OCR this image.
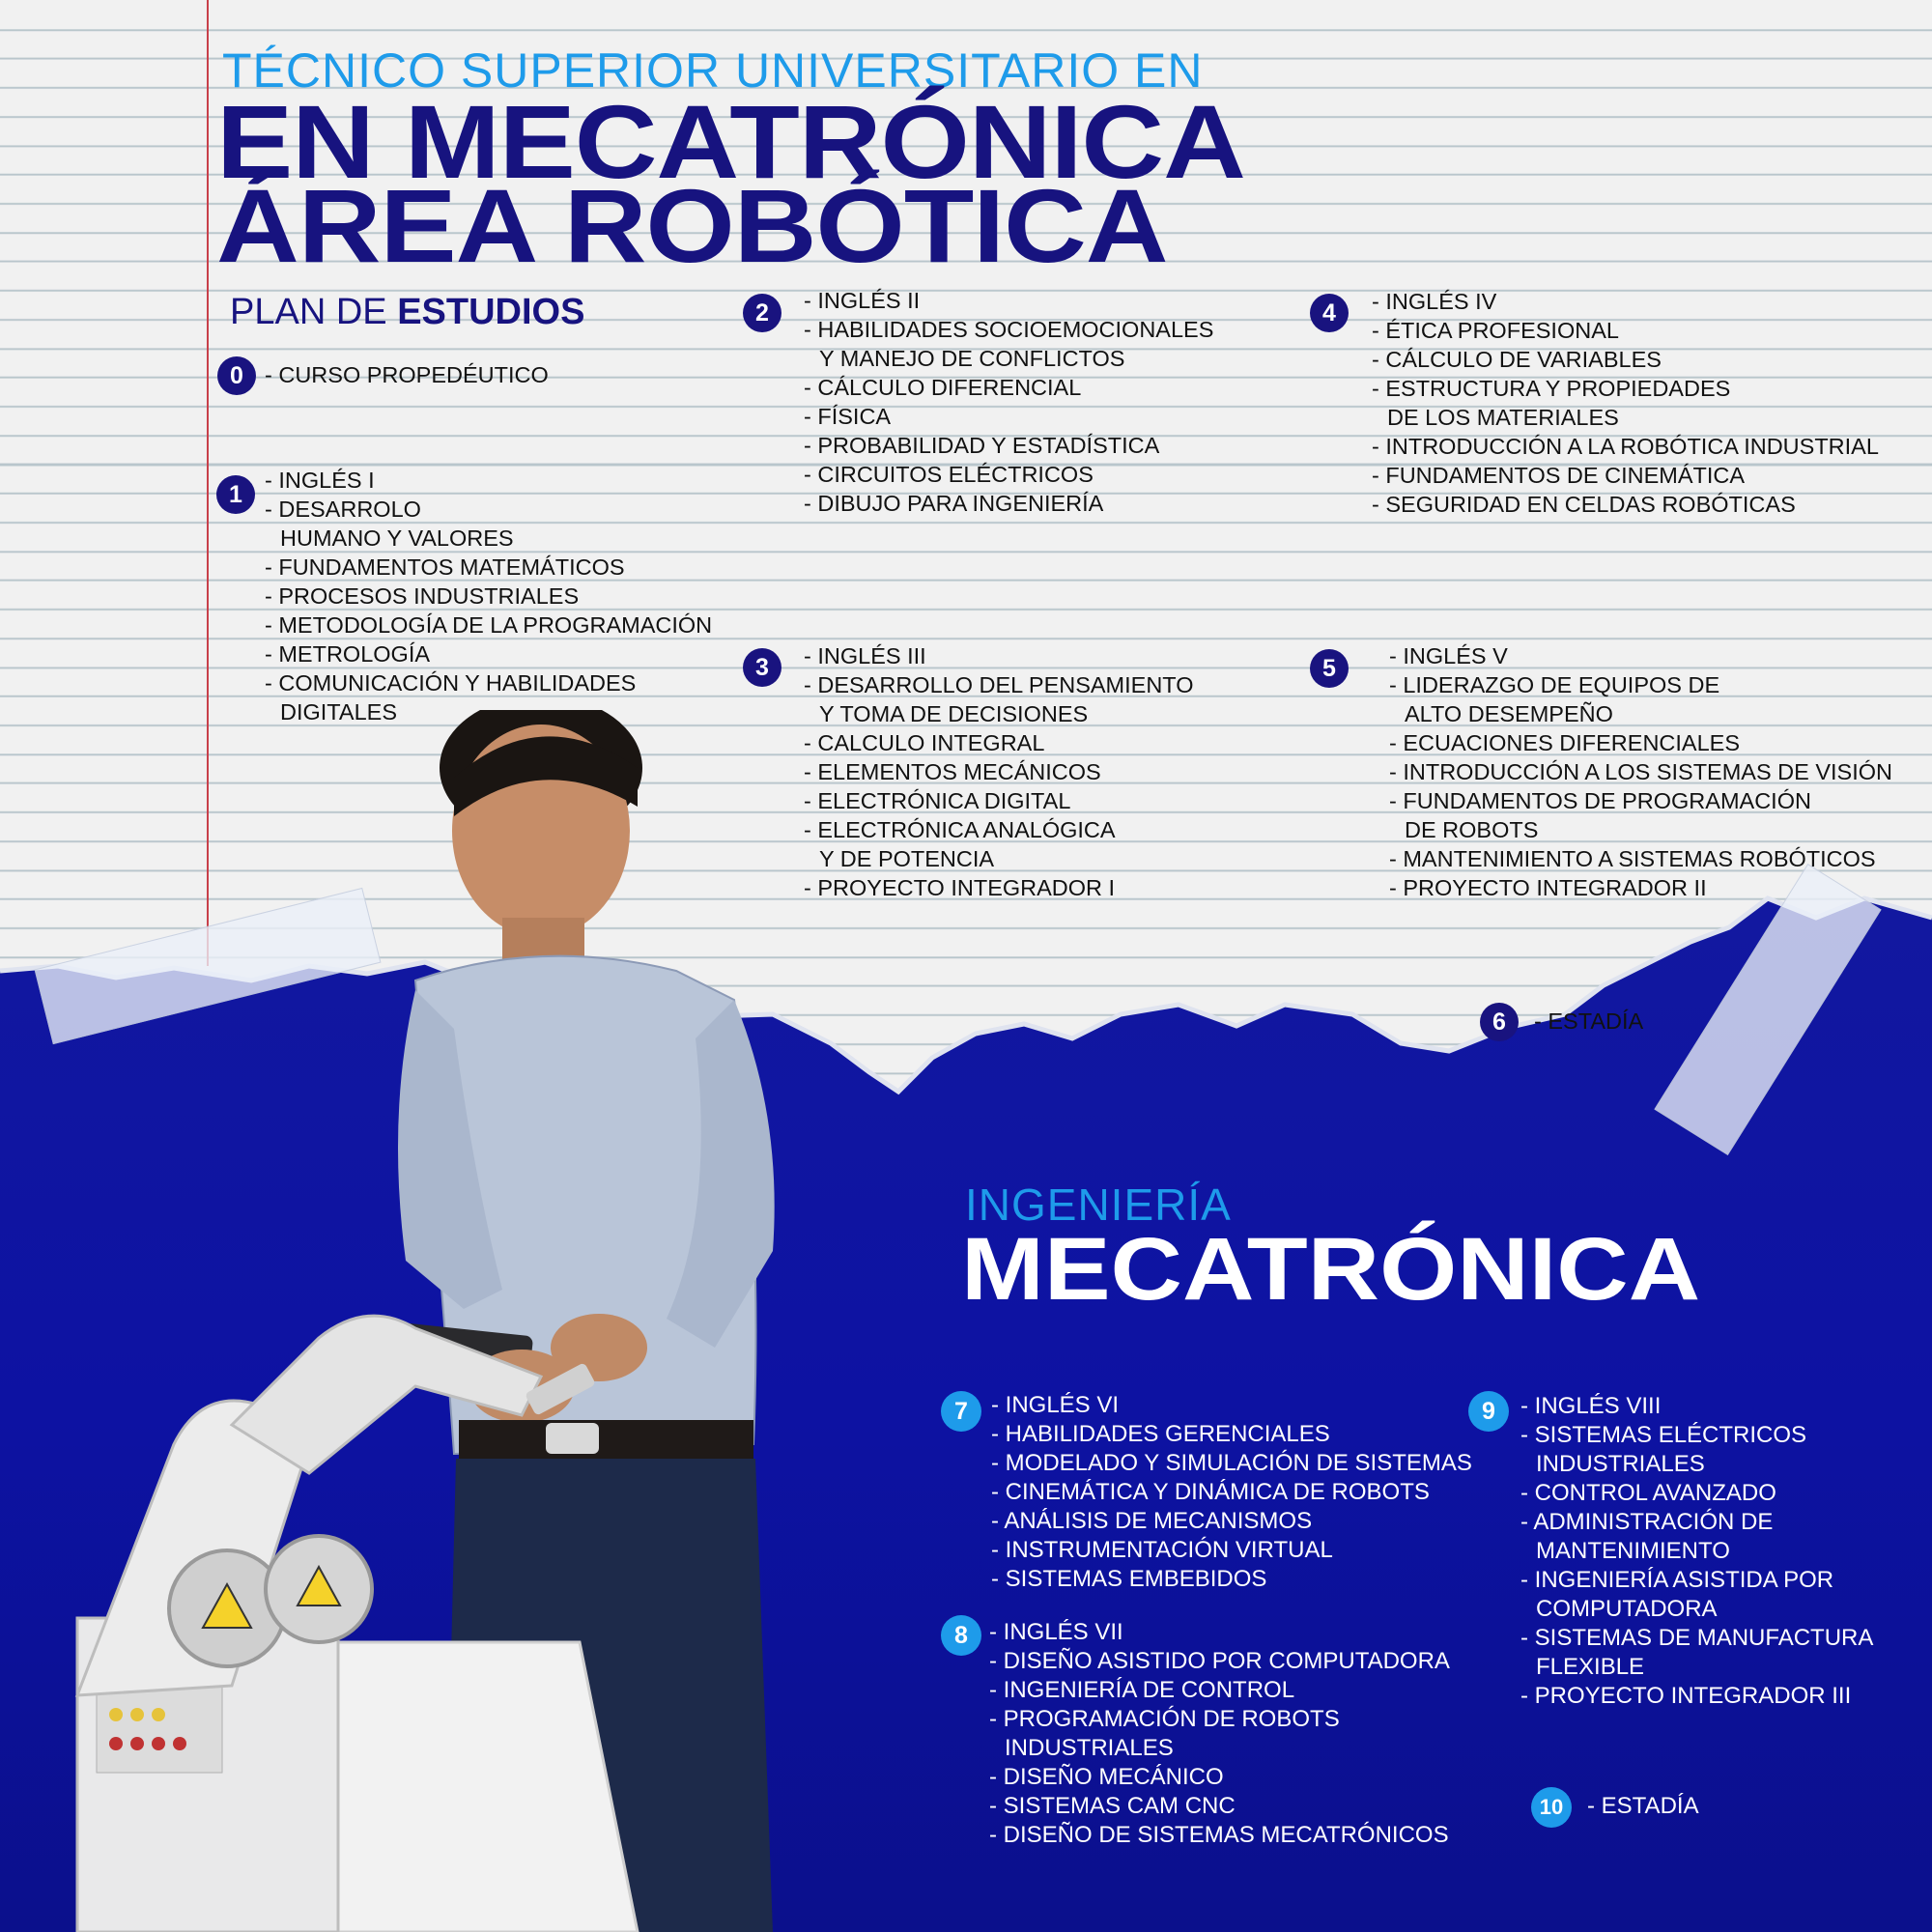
TÉCNICO SUPERIOR UNIVERSITARIO EN
EN MECATRÓNICA
ÁREA ROBÓTICA
PLAN DE ESTUDIOS
0 - CURSO PROPEDÉUTICO
1
- INGLÉS I
- DESARROLO
HUMANO Y VALORES
- FUNDAMENTOS MATEMÁTICOS
- PROCESOS INDUSTRIALES
- METODOLOGÍA DE LA PROGRAMACIÓN
- METROLOGÍA
- COMUNICACIÓN Y HABILIDADES
DIGITALES
2	- INGLÉS II
- HABILIDADES SOCIOEMOCIONALES
Y MANEJO DE CONFLICTOS
- CÁLCULO DIFERENCIAL
- FÍSICA
- PROBABILIDAD Y ESTADÍSTICA
- CIRCUITOS ELÉCTRICOS
- DIBUJO PARA INGENIERÍA
3	- INGLÉS III
- DESARROLLO DEL PENSAMIENTO
Y TOMA DE DECISIONES
- CALCULO INTEGRAL
- ELEMENTOS MECÁNICOS
- ELECTRÓNICA DIGITAL
- ELECTRÓNICA ANALÓGICA
Y DE POTENCIA
- PROYECTO INTEGRADOR I
4	- INGLÉS IV
- ÉTICA PROFESIONAL
- CÁLCULO DE VARIABLES
- ESTRUCTURA Y PROPIEDADES
DE LOS MATERIALES
- INTRODUCCIÓN A LA ROBÓTICA INDUSTRIAL
- FUNDAMENTOS DE CINEMÁTICA
- SEGURIDAD EN CELDAS ROBÓTICAS
5	- INGLÉS V
- LIDERAZGO DE EQUIPOS DE
ALTO DESEMPEÑO
- ECUACIONES DIFERENCIALES
- INTRODUCCIÓN A LOS SISTEMAS DE VISIÓN
- FUNDAMENTOS DE PROGRAMACIÓN
DE ROBOTS
- MANTENIMIENTO A SISTEMAS ROBÓTICOS
- PROYECTO INTEGRADOR II
6	- ESTADÍA
INGENIERÍA
MECATRÓNICA
7	- INGLÉS VI
- HABILIDADES GERENCIALES
- MODELADO Y SIMULACIÓN DE SISTEMAS
- CINEMÁTICA Y DINÁMICA DE ROBOTS
- ANÁLISIS DE MECANISMOS
- INSTRUMENTACIÓN VIRTUAL
- SISTEMAS EMBEBIDOS
8 - INGLÉS VII
- DISEÑO ASISTIDO POR COMPUTADORA
- INGENIERÍA DE CONTROL
- PROGRAMACIÓN DE ROBOTS
INDUSTRIALES
- DISEÑO MECÁNICO
- SISTEMAS CAM CNC
- DISEÑO DE SISTEMAS MECATRÓNICOS
9	- INGLÉS VIII
- SISTEMAS ELÉCTRICOS
INDUSTRIALES
- CONTROL AVANZADO
- ADMINISTRACIÓN DE
MANTENIMIENTO
- INGENIERÍA ASISTIDA POR
COMPUTADORA
- SISTEMAS DE MANUFACTURA
FLEXIBLE
- PROYECTO INTEGRADOR III
10	- ESTADÍA
